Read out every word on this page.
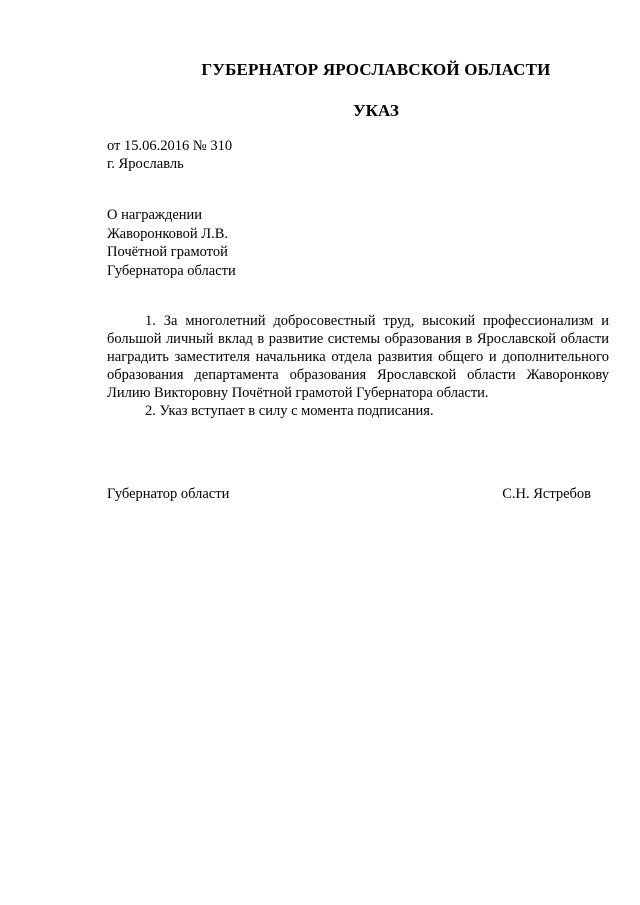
ГУБЕРНАТОР ЯРОСЛАВСКОЙ ОБЛАСТИ
УКАЗ
от 15.06.2016 № 310
г. Ярославль
О награждении
Жаворонковой Л.В.
Почётной грамотой
Губернатора области

1. За многолетний добросовестный труд, высокий профессионализм и большой личный вклад в развитие системы образования в Ярославской области наградить заместителя начальника отдела развития общего и дополнительного образования департамента образования Ярославской области Жаворонкову Лилию Викторовну Почётной грамотой Губернатора области.

2. Указ вступает в силу с момента подписания.

Губернатор области	С.Н. Ястребов
